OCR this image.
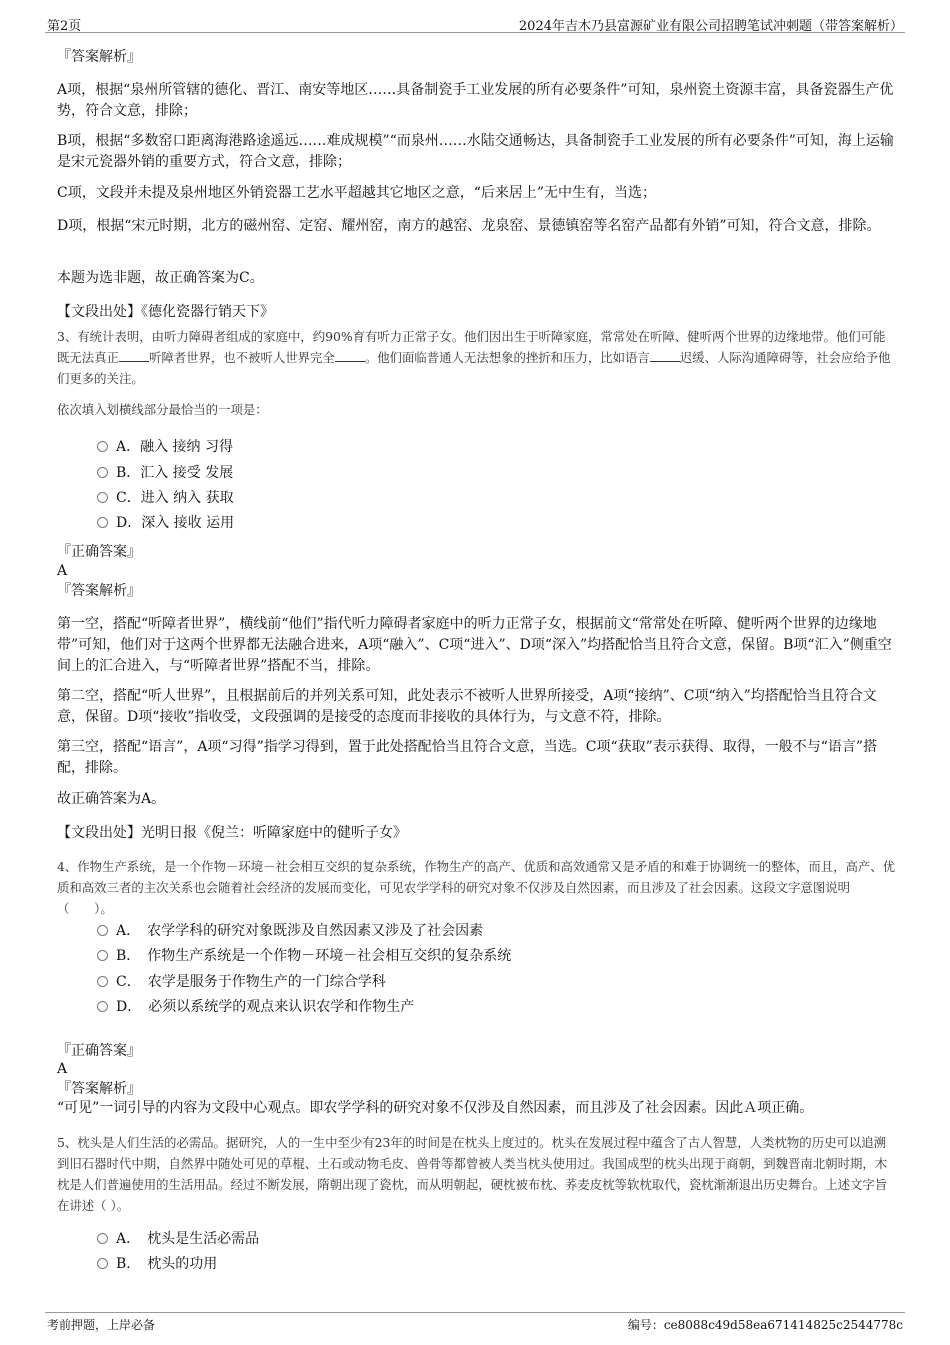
第2页	2024年吉木乃县富源矿业有限公司招聘笔试冲刺题（带答案解析）
『答案解析』
A项，根据“泉州所管辖的德化、晋江、南安等地区……具备制瓷手工业发展的所有必要条件”可知，泉州瓷土资源丰富，具备瓷器生产优势，符合文意，排除；
B项，根据“多数窑口距离海港路途遥远……难成规模”“而泉州……水陆交通畅达，具备制瓷手工业发展的所有必要条件”可知，海上运输是宋元瓷器外销的重要方式，符合文意，排除；
C项，文段并未提及泉州地区外销瓷器工艺水平超越其它地区之意，“后来居上”无中生有，当选；
D项，根据“宋元时期，北方的磁州窑、定窑、耀州窑，南方的越窑、龙泉窑、景德镇窑等名窑产品都有外销”可知，符合文意，排除。
本题为选非题，故正确答案为C。
【文段出处】《德化瓷器行销天下》
3、有统计表明，由听力障碍者组成的家庭中，约90%育有听力正常子女。他们因出生于听障家庭，常常处在听障、健听两个世界的边缘地带。他们可能既无法真正 听障者世界，也不被听人世界完全 。他们面临普通人无法想象的挫折和压力，比如语言 迟缓、人际沟通障碍等，社会应给予他们更多的关注。
依次填入划横线部分最恰当的一项是：
A．融入 接纳 习得
B．汇入 接受 发展
C．进入 纳入 获取
D．深入 接收 运用
『正确答案』
A
『答案解析』
第一空，搭配“听障者世界”，横线前“他们”指代听力障碍者家庭中的听力正常子女，根据前文“常常处在听障、健听两个世界的边缘地带”可知，他们对于这两个世界都无法融合进来，A项“融入”、C项“进入”、D项“深入”均搭配恰当且符合文意，保留。B项“汇入”侧重空间上的汇合进入，与“听障者世界”搭配不当，排除。
第二空，搭配“听人世界”，且根据前后的并列关系可知，此处表示不被听人世界所接受，A项“接纳”、C项“纳入”均搭配恰当且符合文意，保留。D项“接收”指收受，文段强调的是接受的态度而非接收的具体行为，与文意不符，排除。
第三空，搭配“语言”，A项“习得”指学习得到，置于此处搭配恰当且符合文意，当选。C项“获取”表示获得、取得，一般不与“语言”搭配，排除。
故正确答案为A。
【文段出处】光明日报《倪兰：听障家庭中的健听子女》
4、作物生产系统，是一个作物－环境－社会相互交织的复杂系统，作物生产的高产、优质和高效通常又是矛盾的和难于协调统一的整体，而且，高产、优质和高效三者的主次关系也会随着社会经济的发展而变化，可见农学学科的研究对象不仅涉及自然因素，而且涉及了社会因素。这段文字意图说明（　　）。
A．　农学学科的研究对象既涉及自然因素又涉及了社会因素
B．　作物生产系统是一个作物－环境－社会相互交织的复杂系统
C．　农学是服务于作物生产的一门综合学科
D．　必须以系统学的观点来认识农学和作物生产
『正确答案』
A
『答案解析』
“可见”一词引导的内容为文段中心观点。即农学学科的研究对象不仅涉及自然因素，而且涉及了社会因素。因此Ａ项正确。
5、枕头是人们生活的必需品。据研究，人的一生中至少有23年的时间是在枕头上度过的。枕头在发展过程中蕴含了古人智慧，人类枕物的历史可以追溯到旧石器时代中期，自然界中随处可见的草棍、土石或动物毛皮、兽骨等都曾被人类当枕头使用过。我国成型的枕头出现于商朝，到魏晋南北朝时期，木枕是人们普遍使用的生活用品。经过不断发展，隋朝出现了瓷枕，而从明朝起，硬枕被布枕、荞麦皮枕等软枕取代，瓷枕渐渐退出历史舞台。上述文字旨在讲述（ ）。
A．　枕头是生活必需品
B．　枕头的功用
考前押题，上岸必备	编号：ce8088c49d58ea671414825c2544778c
